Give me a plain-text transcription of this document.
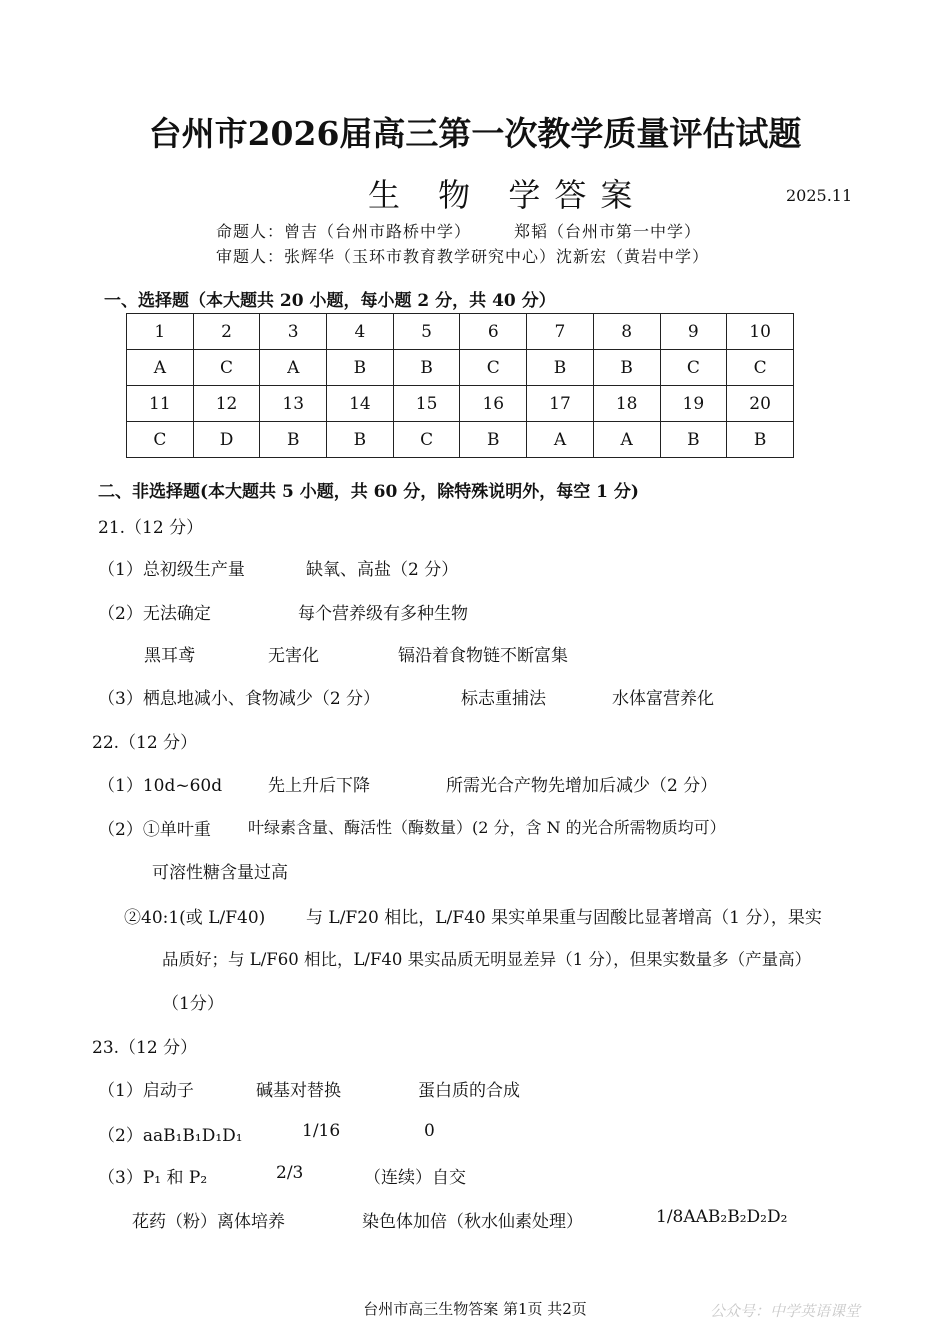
台州市2026届高三第一次教学质量评估试题
生 物 学答案	2025.11
命题人：曾吉（台州市路桥中学）　　　郑韬（台州市第一中学）
审题人：张辉华（玉环市教育教学研究中心）沈新宏（黄岩中学）
一、选择题（本大题共 20 小题，每小题 2 分，共 40 分）
1	2	3	4	5	6	7	8	9	10
A	C	A	B	B	C	B	B	C	C
11	12	13	14	15	16	17	18	19	20
C	D	B	B	C	B	A	A	B	B
二、非选择题(本大题共 5 小题，共 60 分，除特殊说明外，每空 1 分)
21.（12 分）
（1）总初级生产量	缺氧、高盐（2 分）
（2）无法确定	每个营养级有多种生物
黑耳鸢	无害化	镉沿着食物链不断富集
（3）栖息地减小、食物减少（2 分）	标志重捕法	水体富营养化
22.（12 分）
（1）10d~60d	先上升后下降	所需光合产物先增加后减少（2 分）
（2）①单叶重 叶绿素含量、酶活性（酶数量）(2 分，含 N 的光合所需物质均可）
可溶性糖含量过高
②40:1(或 L/F40) 与 L/F20 相比，L/F40 果实单果重与固酸比显著增高（1 分），果实
品质好；与 L/F60 相比，L/F40 果实品质无明显差异（1 分），但果实数量多（产量高）
（1分）
23.（12 分）
（1）启动子	碱基对替换	蛋白质的合成
（2）aaB₁B₁D₁D₁	1/16	0
（3）P₁ 和 P₂	2/3	（连续）自交
花药（粉）离体培养	染色体加倍（秋水仙素处理）	1/8AAB₂B₂D₂D₂
台州市高三生物答案 第1页 共2页	公众号：中学英语课堂
